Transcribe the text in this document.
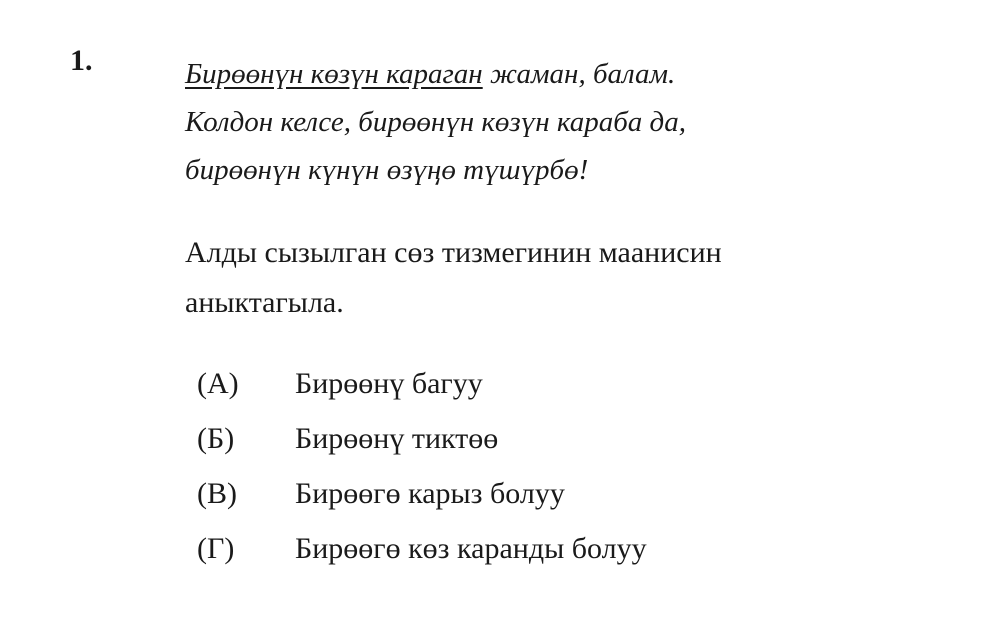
1.	Бирөөнүн көзүн караган жаман, балам.
Колдон келсе, бирөөнүн көзүн караба да,
бирөөнүн күнүн өзүңө түшүрбө!
Алды сызылган сөз тизмегинин маанисин
аныктагыла.
(А)	Бирөөнү багуу
(Б)	Бирөөнү тиктөө
(В)	Бирөөгө карыз болуу
(Г)	Бирөөгө көз каранды болуу
